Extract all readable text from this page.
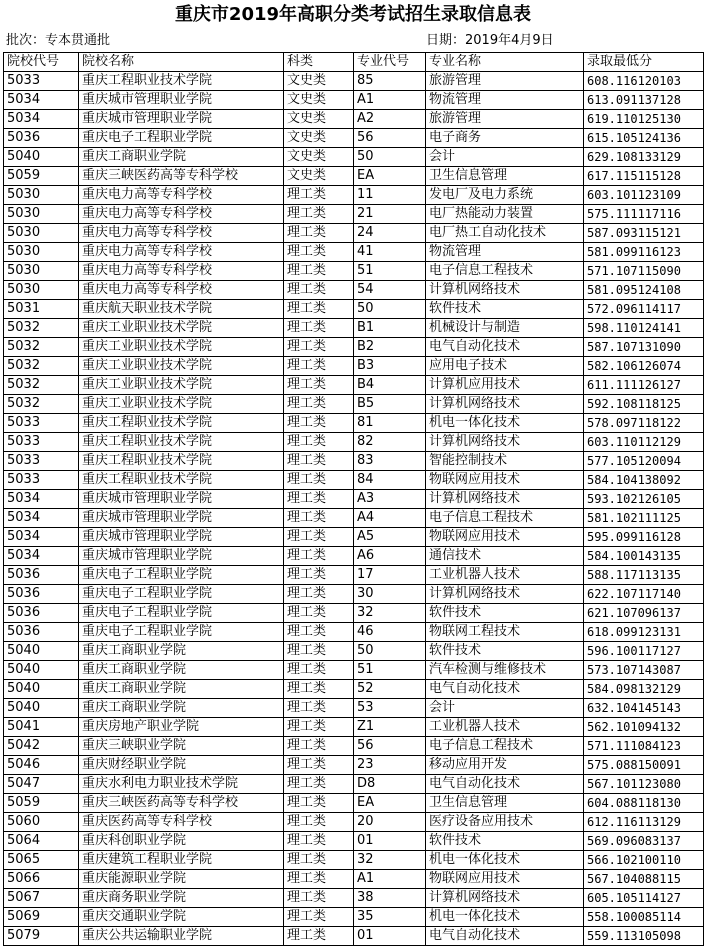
重庆市2019年高职分类考试招生录取信息表
批次：专本贯通批	日期：2019年4月9日
院校代号	院校名称	科类	专业代号	专业名称	录取最低分
5033	重庆工程职业技术学院	文史类	85	旅游管理	608.116120103
5034	重庆城市管理职业学院	文史类	A1	物流管理	613.091137128
5034	重庆城市管理职业学院	文史类	A2	旅游管理	619.110125130
5036	重庆电子工程职业学院	文史类	56	电子商务	615.105124136
5040	重庆工商职业学院	文史类	50	会计	629.108133129
5059	重庆三峡医药高等专科学校	文史类	EA	卫生信息管理	617.115115128
5030	重庆电力高等专科学校	理工类	11	发电厂及电力系统	603.101123109
5030	重庆电力高等专科学校	理工类	21	电厂热能动力装置	575.111117116
5030	重庆电力高等专科学校	理工类	24	电厂热工自动化技术	587.093115121
5030	重庆电力高等专科学校	理工类	41	物流管理	581.099116123
5030	重庆电力高等专科学校	理工类	51	电子信息工程技术	571.107115090
5030	重庆电力高等专科学校	理工类	54	计算机网络技术	581.095124108
5031	重庆航天职业技术学院	理工类	50	软件技术	572.096114117
5032	重庆工业职业技术学院	理工类	B1	机械设计与制造	598.110124141
5032	重庆工业职业技术学院	理工类	B2	电气自动化技术	587.107131090
5032	重庆工业职业技术学院	理工类	B3	应用电子技术	582.106126074
5032	重庆工业职业技术学院	理工类	B4	计算机应用技术	611.111126127
5032	重庆工业职业技术学院	理工类	B5	计算机网络技术	592.108118125
5033	重庆工程职业技术学院	理工类	81	机电一体化技术	578.097118122
5033	重庆工程职业技术学院	理工类	82	计算机网络技术	603.110112129
5033	重庆工程职业技术学院	理工类	83	智能控制技术	577.105120094
5033	重庆工程职业技术学院	理工类	84	物联网应用技术	584.104138092
5034	重庆城市管理职业学院	理工类	A3	计算机网络技术	593.102126105
5034	重庆城市管理职业学院	理工类	A4	电子信息工程技术	581.102111125
5034	重庆城市管理职业学院	理工类	A5	物联网应用技术	595.099116128
5034	重庆城市管理职业学院	理工类	A6	通信技术	584.100143135
5036	重庆电子工程职业学院	理工类	17	工业机器人技术	588.117113135
5036	重庆电子工程职业学院	理工类	30	计算机网络技术	622.107117140
5036	重庆电子工程职业学院	理工类	32	软件技术	621.107096137
5036	重庆电子工程职业学院	理工类	46	物联网工程技术	618.099123131
5040	重庆工商职业学院	理工类	50	软件技术	596.100117127
5040	重庆工商职业学院	理工类	51	汽车检测与维修技术	573.107143087
5040	重庆工商职业学院	理工类	52	电气自动化技术	584.098132129
5040	重庆工商职业学院	理工类	53	会计	632.104145143
5041	重庆房地产职业学院	理工类	Z1	工业机器人技术	562.101094132
5042	重庆三峡职业学院	理工类	56	电子信息工程技术	571.111084123
5046	重庆财经职业学院	理工类	23	移动应用开发	575.088150091
5047	重庆水利电力职业技术学院	理工类	D8	电气自动化技术	567.101123080
5059	重庆三峡医药高等专科学校	理工类	EA	卫生信息管理	604.088118130
5060	重庆医药高等专科学校	理工类	20	医疗设备应用技术	612.116113129
5064	重庆科创职业学院	理工类	01	软件技术	569.096083137
5065	重庆建筑工程职业学院	理工类	32	机电一体化技术	566.102100110
5066	重庆能源职业学院	理工类	A1	物联网应用技术	567.104088115
5067	重庆商务职业学院	理工类	38	计算机网络技术	605.105114127
5069	重庆交通职业学院	理工类	35	机电一体化技术	558.100085114
5079	重庆公共运输职业学院	理工类	01	电气自动化技术	559.113105098
